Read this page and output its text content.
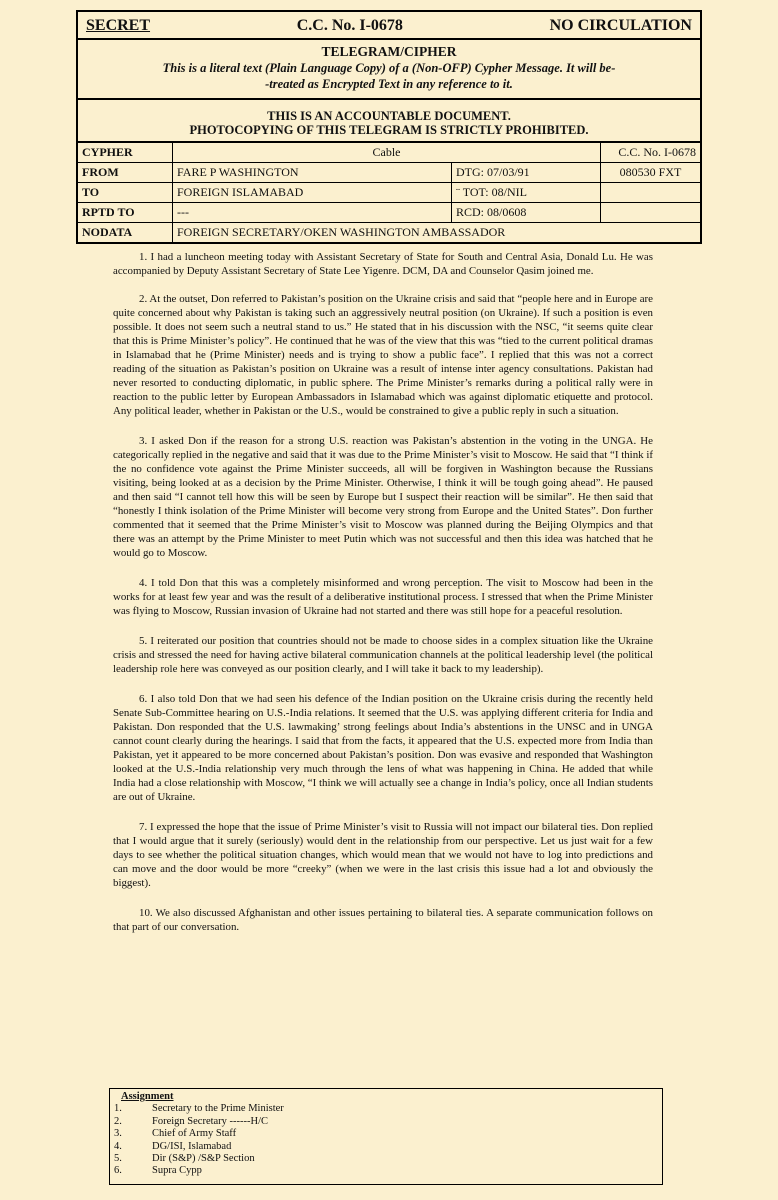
SECRET	C.C. No. I-0678	NO CIRCULATION
TELEGRAM/CIPHER
This is a literal text (Plain Language Copy) of a (Non-OFP) Cypher Message. It will be-
-treated as Encrypted Text in any reference to it.
THIS IS AN ACCOUNTABLE DOCUMENT.
PHOTOCOPYING OF THIS TELEGRAM IS STRICTLY PROHIBITED.
CYPHER	Cable		C.C. No. I-0678
FROM	FARE P WASHINGTON	DTG: 07/03/91	080530 FXT
TO	FOREIGN ISLAMABAD	¨ TOT: 08/NIL	
RPTD TO	---	RCD: 08/0608	
NODATA	FOREIGN SECRETARY/OKEN WASHINGTON AMBASSADOR		

1. I had a luncheon meeting today with Assistant Secretary of State for South and Central Asia, Donald Lu. He was accompanied by Deputy Assistant Secretary of State Lee Yigenre. DCM, DA and Counselor Qasim joined me.

2. At the outset, Don referred to Pakistan’s position on the Ukraine crisis and said that “people here and in Europe are quite concerned about why Pakistan is taking such an aggressively neutral position (on Ukraine). If such a position is even possible. It does not seem such a neutral stand to us.” He stated that in his discussion with the NSC, “it seems quite clear that this is Prime Minister’s policy”. He continued that he was of the view that this was “tied to the current political dramas in Islamabad that he (Prime Minister) needs and is trying to show a public face”. I replied that this was not a correct reading of the situation as Pakistan’s position on Ukraine was a result of intense inter agency consultations. Pakistan had never resorted to conducting diplomatic, in public sphere. The Prime Minister’s remarks during a political rally were in reaction to the public letter by European Ambassadors in Islamabad which was against diplomatic etiquette and protocol. Any political leader, whether in Pakistan or the U.S., would be constrained to give a public reply in such a situation.

3. I asked Don if the reason for a strong U.S. reaction was Pakistan’s abstention in the voting in the UNGA. He categorically replied in the negative and said that it was due to the Prime Minister’s visit to Moscow. He said that “I think if the no confidence vote against the Prime Minister succeeds, all will be forgiven in Washington because the Russians visiting, being looked at as a decision by the Prime Minister. Otherwise, I think it will be tough going ahead”. He paused and then said “I cannot tell how this will be seen by Europe but I suspect their reaction will be similar”. He then said that “honestly I think isolation of the Prime Minister will become very strong from Europe and the United States”. Don further commented that it seemed that the Prime Minister’s visit to Moscow was planned during the Beijing Olympics and that there was an attempt by the Prime Minister to meet Putin which was not successful and then this idea was hatched that he would go to Moscow.

4. I told Don that this was a completely misinformed and wrong perception. The visit to Moscow had been in the works for at least few year and was the result of a deliberative institutional process. I stressed that when the Prime Minister was flying to Moscow, Russian invasion of Ukraine had not started and there was still hope for a peaceful resolution.

5. I reiterated our position that countries should not be made to choose sides in a complex situation like the Ukraine crisis and stressed the need for having active bilateral communication channels at the political leadership level (the political leadership role here was conveyed as our position clearly, and I will take it back to my leadership).

6. I also told Don that we had seen his defence of the Indian position on the Ukraine crisis during the recently held Senate Sub-Committee hearing on U.S.-India relations. It seemed that the U.S. was applying different criteria for India and Pakistan. Don responded that the U.S. lawmaking’ strong feelings about India’s abstentions in the UNSC and in UNGA cannot count clearly during the hearings. I said that from the facts, it appeared that the U.S. expected more from India than Pakistan, yet it appeared to be more concerned about Pakistan’s position. Don was evasive and responded that Washington looked at the U.S.-India relationship very much through the lens of what was happening in China. He added that while India had a close relationship with Moscow, “I think we will actually see a change in India’s policy, once all Indian students are out of Ukraine.

7. I expressed the hope that the issue of Prime Minister’s visit to Russia will not impact our bilateral ties. Don replied that I would argue that it surely (seriously) would dent in the relationship from our perspective. Let us just wait for a few days to see whether the political situation changes, which would mean that we would not have to log into predictions and can move and the door would be more “creeky” (when we were in the last crisis this issue had a lot and obviously the biggest).

10. We also discussed Afghanistan and other issues pertaining to bilateral ties. A separate communication follows on that part of our conversation.

Assignment
1.	Secretary to the Prime Minister
2.	Foreign Secretary ------H/C
3.	Chief of Army Staff
4.	DG/ISI, Islamabad
5.	Dir (S&P) /S&P Section
6.	Supra Cypp
